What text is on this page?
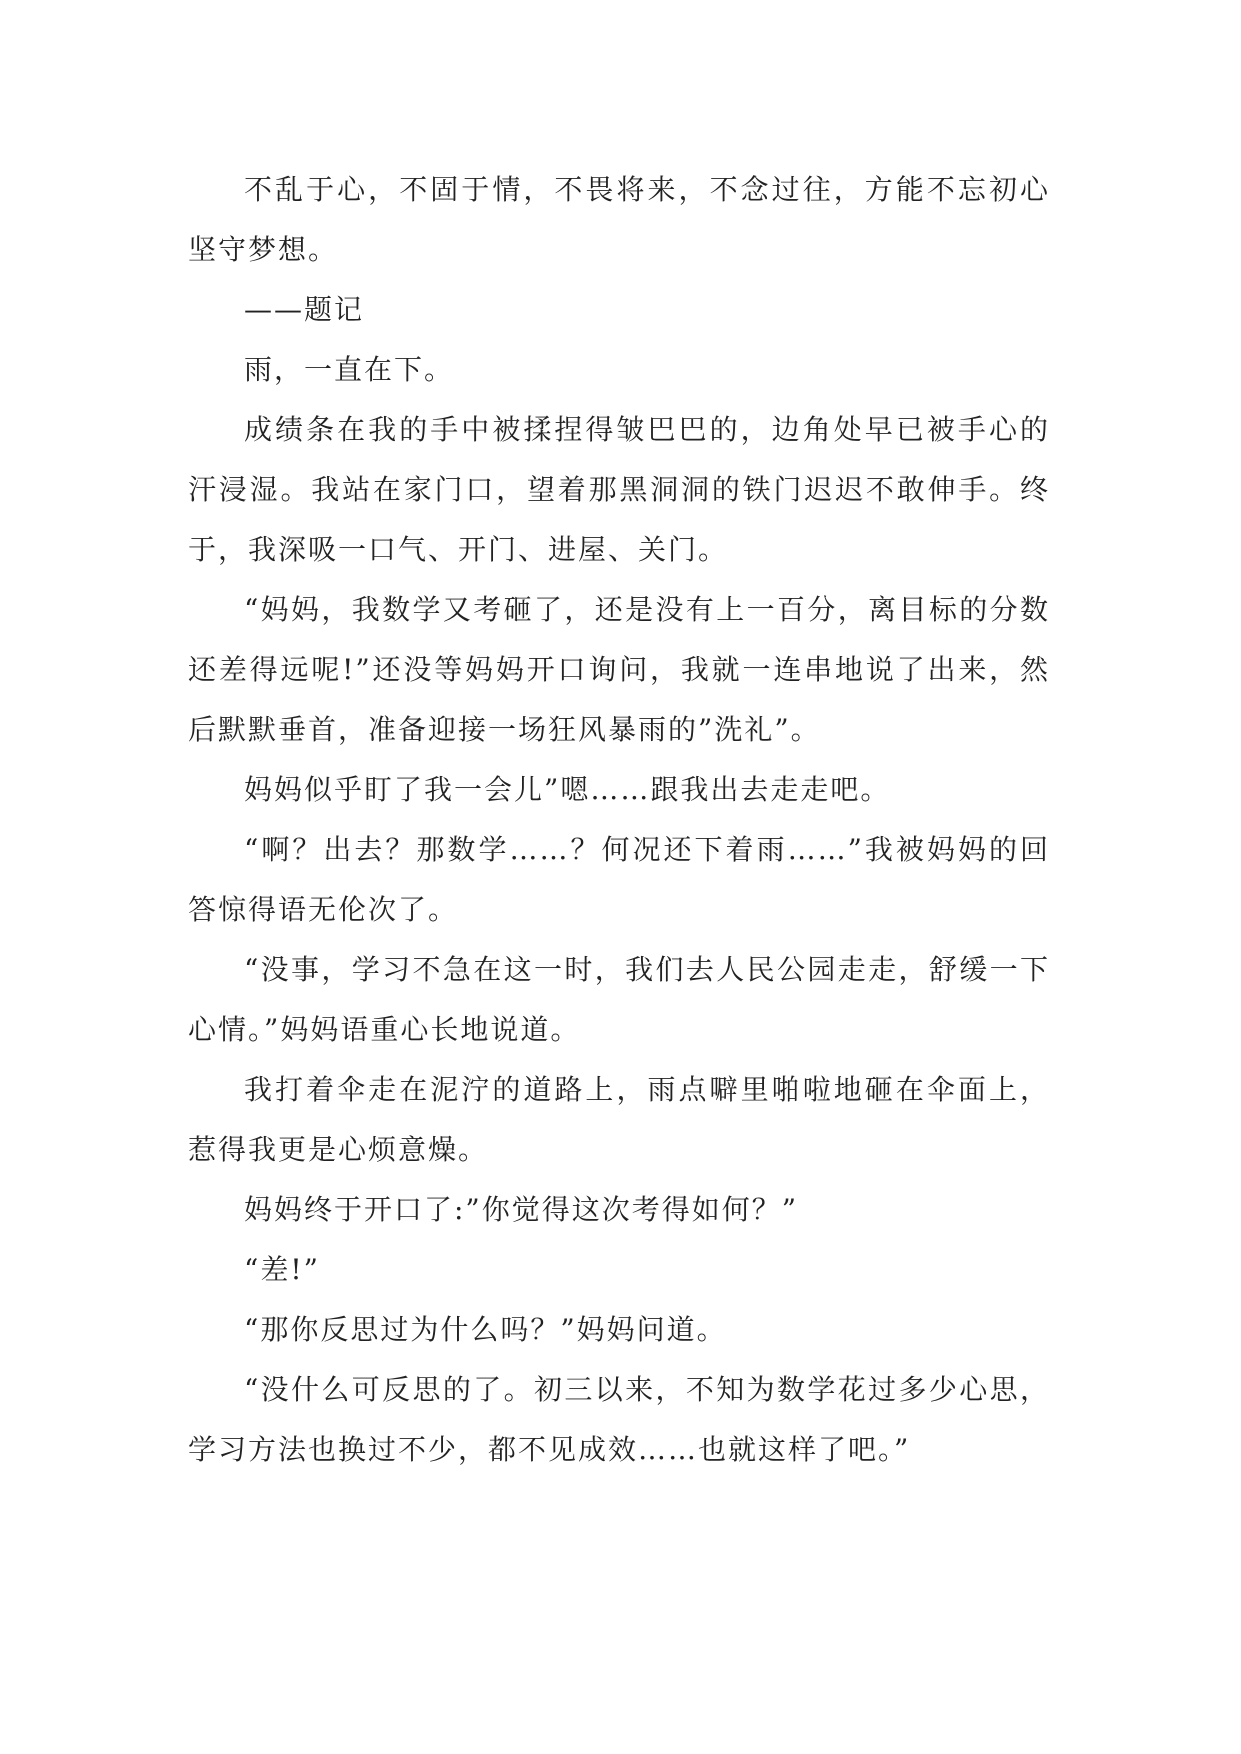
不乱于心，不固于情，不畏将来，不念过往，方能不忘初心坚守梦想。

——题记

雨，一直在下。

成绩条在我的手中被揉捏得皱巴巴的，边角处早已被手心的汗浸湿。我站在家门口，望着那黑洞洞的铁门迟迟不敢伸手。终于，我深吸一口气、开门、进屋、关门。

“妈妈，我数学又考砸了，还是没有上一百分，离目标的分数还差得远呢!”还没等妈妈开口询问，我就一连串地说了出来，然后默默垂首，准备迎接一场狂风暴雨的”洗礼”。

妈妈似乎盯了我一会儿”嗯……跟我出去走走吧。

“啊？出去？那数学……？何况还下着雨……”我被妈妈的回答惊得语无伦次了。

“没事，学习不急在这一时，我们去人民公园走走，舒缓一下心情。”妈妈语重心长地说道。

我打着伞走在泥泞的道路上，雨点噼里啪啦地砸在伞面上，惹得我更是心烦意燥。

妈妈终于开口了:”你觉得这次考得如何？”

“差!”

“那你反思过为什么吗？”妈妈问道。

“没什么可反思的了。初三以来，不知为数学花过多少心思，学习方法也换过不少，都不见成效……也就这样了吧。”
